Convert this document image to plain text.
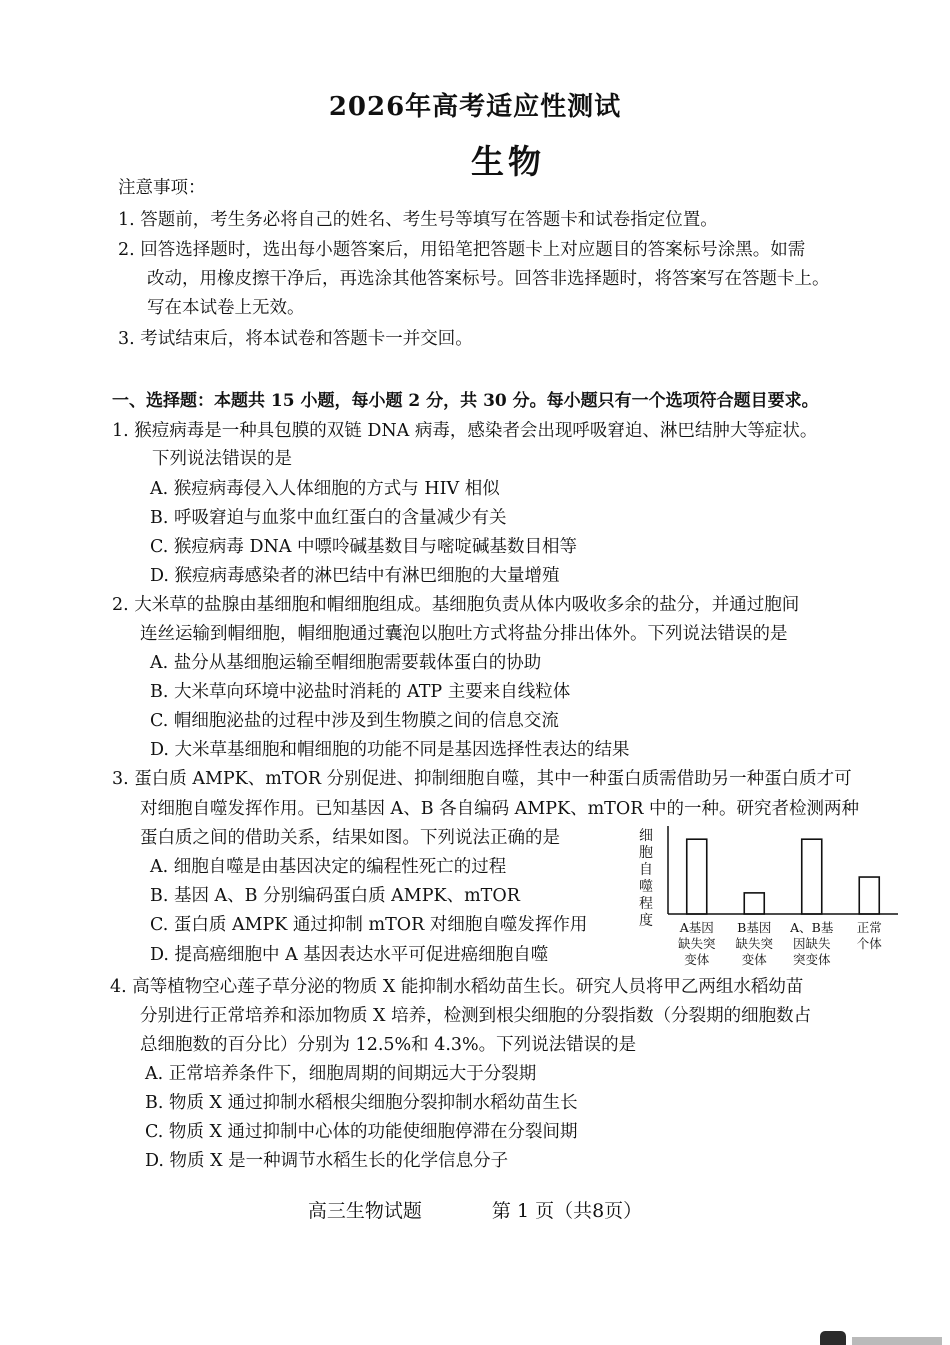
2026年高考适应性测试
生物
注意事项：
1. 答题前，考生务必将自己的姓名、考生号等填写在答题卡和试卷指定位置。
2. 回答选择题时，选出每小题答案后，用铅笔把答题卡上对应题目的答案标号涂黑。如需
改动，用橡皮擦干净后，再选涂其他答案标号。回答非选择题时，将答案写在答题卡上。
写在本试卷上无效。
3. 考试结束后，将本试卷和答题卡一并交回。
一、选择题：本题共 15 小题，每小题 2 分，共 30 分。每小题只有一个选项符合题目要求。
1. 猴痘病毒是一种具包膜的双链 DNA 病毒，感染者会出现呼吸窘迫、淋巴结肿大等症状。
下列说法错误的是
A. 猴痘病毒侵入人体细胞的方式与 HIV 相似
B. 呼吸窘迫与血浆中血红蛋白的含量减少有关
C. 猴痘病毒 DNA 中嘌呤碱基数目与嘧啶碱基数目相等
D. 猴痘病毒感染者的淋巴结中有淋巴细胞的大量增殖
2. 大米草的盐腺由基细胞和帽细胞组成。基细胞负责从体内吸收多余的盐分，并通过胞间
连丝运输到帽细胞，帽细胞通过囊泡以胞吐方式将盐分排出体外。下列说法错误的是
A. 盐分从基细胞运输至帽细胞需要载体蛋白的协助
B. 大米草向环境中泌盐时消耗的 ATP 主要来自线粒体
C. 帽细胞泌盐的过程中涉及到生物膜之间的信息交流
D. 大米草基细胞和帽细胞的功能不同是基因选择性表达的结果
3. 蛋白质 AMPK、mTOR 分别促进、抑制细胞自噬，其中一种蛋白质需借助另一种蛋白质才可
对细胞自噬发挥作用。已知基因 A、B 各自编码 AMPK、mTOR 中的一种。研究者检测两种
蛋白质之间的借助关系，结果如图。下列说法正确的是
A. 细胞自噬是由基因决定的编程性死亡的过程
B. 基因 A、B 分别编码蛋白质 AMPK、mTOR
C. 蛋白质 AMPK 通过抑制 mTOR 对细胞自噬发挥作用
D. 提高癌细胞中 A 基因表达水平可促进癌细胞自噬
细胞自噬程度 A基因缺失突变体
B基因缺失突变体
A、B基因缺失突变体
正常个体
4. 高等植物空心莲子草分泌的物质 X 能抑制水稻幼苗生长。研究人员将甲乙两组水稻幼苗
分别进行正常培养和添加物质 X 培养，检测到根尖细胞的分裂指数（分裂期的细胞数占
总细胞数的百分比）分别为 12.5%和 4.3%。下列说法错误的是
A. 正常培养条件下，细胞周期的间期远大于分裂期
B. 物质 X 通过抑制水稻根尖细胞分裂抑制水稻幼苗生长
C. 物质 X 通过抑制中心体的功能使细胞停滞在分裂间期
D. 物质 X 是一种调节水稻生长的化学信息分子
高三生物试题	第 1 页（共8页）
